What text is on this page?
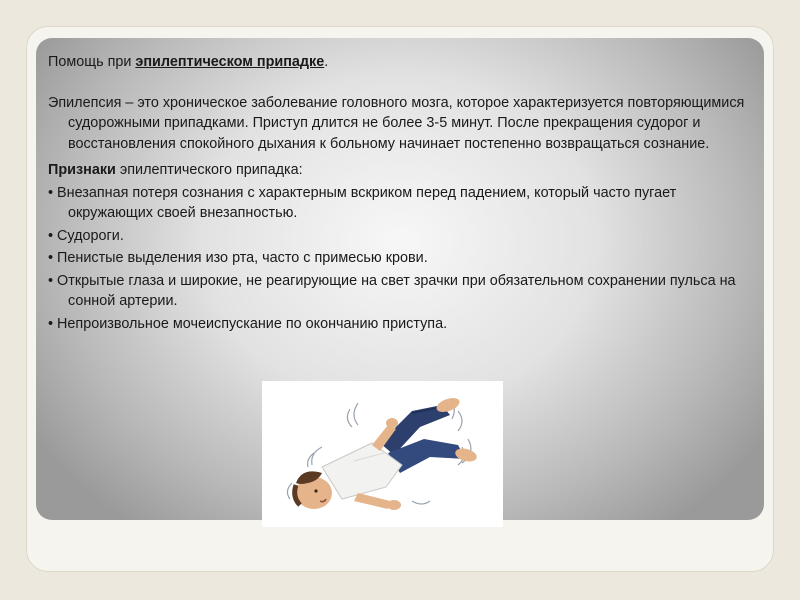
Помощь при эпилептическом припадке.

Эпилепсия – это хроническое заболевание головного мозга, которое характеризуется повторяющимися судорожными припадками. Приступ длится не более 3-5 минут. После прекращения судорог и восстановления спокойного дыхания к больному начинает постепенно возвращаться сознание.

Признаки эпилептического припадка:

• Внезапная потеря сознания с характерным вскриком перед падением, который часто пугает окружающих своей внезапностью.

• Судороги.

• Пенистые выделения изо рта, часто с примесью крови.

• Открытые глаза и широкие, не реагирующие на свет зрачки при обязательном сохранении пульса на сонной артерии.

• Непроизвольное мочеиспускание по окончанию приступа.
